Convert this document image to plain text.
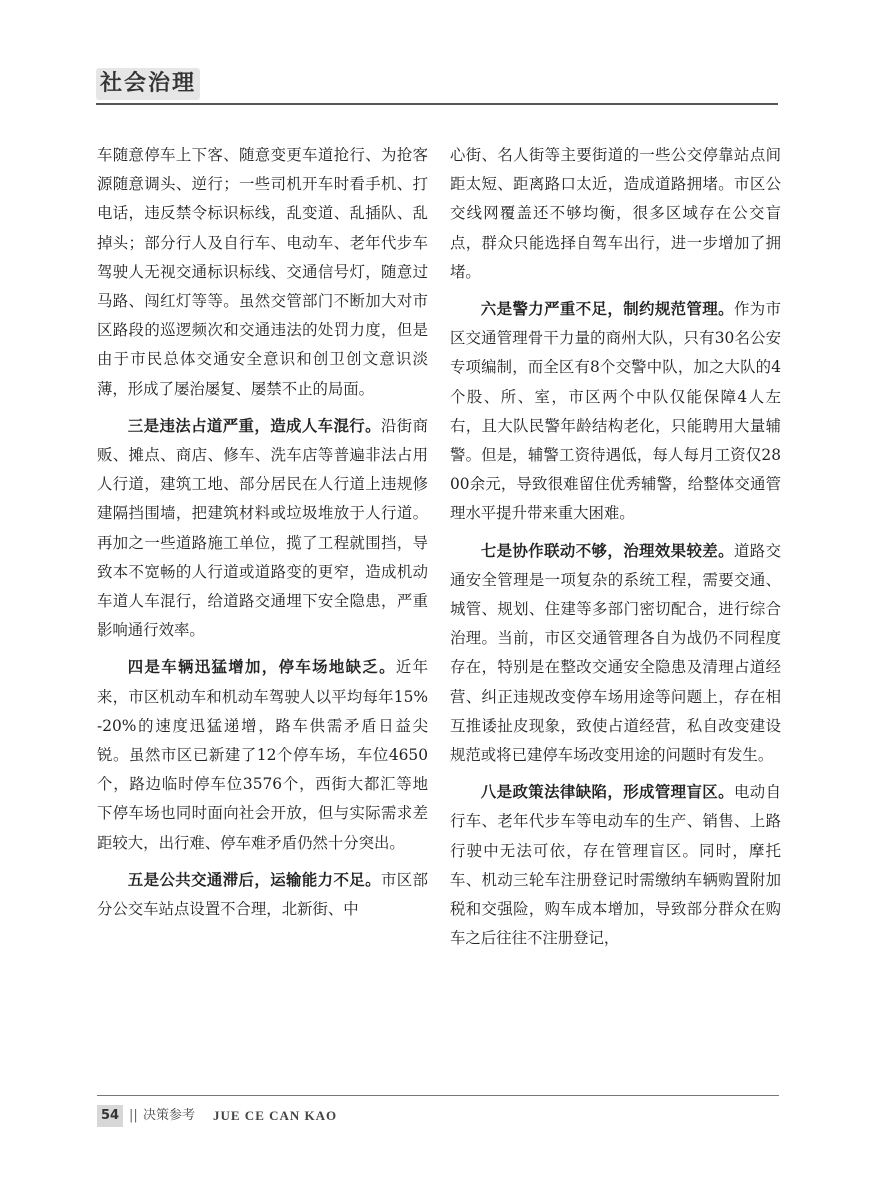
社会治理

车随意停车上下客、随意变更车道抢行、为抢客源随意调头、逆行；一些司机开车时看手机、打电话，违反禁令标识标线，乱变道、乱插队、乱掉头；部分行人及自行车、电动车、老年代步车驾驶人无视交通标识标线、交通信号灯，随意过马路、闯红灯等等。虽然交管部门不断加大对市区路段的巡逻频次和交通违法的处罚力度，但是由于市民总体交通安全意识和创卫创文意识淡薄，形成了屡治屡复、屡禁不止的局面。

三是违法占道严重，造成人车混行。沿街商贩、摊点、商店、修车、洗车店等普遍非法占用人行道，建筑工地、部分居民在人行道上违规修建隔挡围墙，把建筑材料或垃圾堆放于人行道。再加之一些道路施工单位，揽了工程就围挡，导致本不宽畅的人行道或道路变的更窄，造成机动车道人车混行，给道路交通埋下安全隐患，严重影响通行效率。

四是车辆迅猛增加，停车场地缺乏。近年来，市区机动车和机动车驾驶人以平均每年15%-20%的速度迅猛递增，路车供需矛盾日益尖锐。虽然市区已新建了12个停车场，车位4650个，路边临时停车位3576个，西街大都汇等地下停车场也同时面向社会开放，但与实际需求差距较大，出行难、停车难矛盾仍然十分突出。

五是公共交通滞后，运输能力不足。市区部分公交车站点设置不合理，北新街、中

心街、名人街等主要街道的一些公交停靠站点间距太短、距离路口太近，造成道路拥堵。市区公交线网覆盖还不够均衡，很多区域存在公交盲点，群众只能选择自驾车出行，进一步增加了拥堵。

六是警力严重不足，制约规范管理。作为市区交通管理骨干力量的商州大队，只有30名公安专项编制，而全区有8个交警中队，加之大队的4个股、所、室，市区两个中队仅能保障4人左右，且大队民警年龄结构老化，只能聘用大量辅警。但是，辅警工资待遇低，每人每月工资仅2800余元，导致很难留住优秀辅警，给整体交通管理水平提升带来重大困难。

七是协作联动不够，治理效果较差。道路交通安全管理是一项复杂的系统工程，需要交通、城管、规划、住建等多部门密切配合，进行综合治理。当前，市区交通管理各自为战仍不同程度存在，特别是在整改交通安全隐患及清理占道经营、纠正违规改变停车场用途等问题上，存在相互推诿扯皮现象，致使占道经营，私自改变建设规范或将已建停车场改变用途的问题时有发生。

八是政策法律缺陷，形成管理盲区。电动自行车、老年代步车等电动车的生产、销售、上路行驶中无法可依，存在管理盲区。同时，摩托车、机动三轮车注册登记时需缴纳车辆购置附加税和交强险，购车成本增加，导致部分群众在购车之后往往不注册登记，

54 || 决策参考 JUE CE CAN KAO
